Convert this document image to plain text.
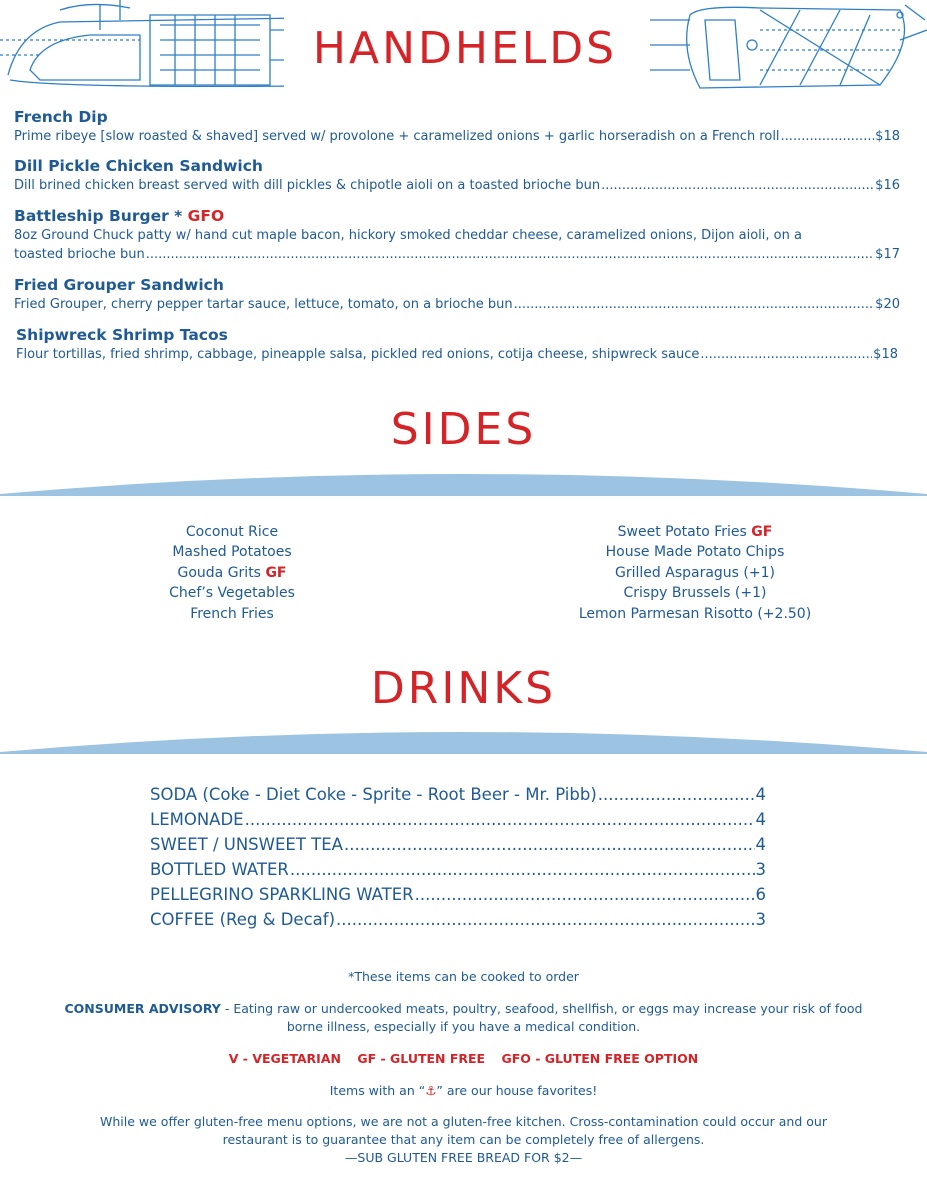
HANDHELDS
French Dip
Prime ribeye [slow roasted & shaved] served w/ provolone + caramelized onions + garlic horseradish on a French roll .....	$18
Dill Pickle Chicken Sandwich
Dill brined chicken breast served with dill pickles & chipotle aioli on a toasted brioche bun .....	$16
Battleship Burger * GFO
8oz Ground Chuck patty w/ hand cut maple bacon, hickory smoked cheddar cheese, caramelized onions, Dijon aioli, on a
toasted brioche bun .....	$17
Fried Grouper Sandwich
Fried Grouper, cherry pepper tartar sauce, lettuce, tomato, on a brioche bun .....	$20
Shipwreck Shrimp Tacos
Flour tortillas, fried shrimp, cabbage, pineapple salsa, pickled red onions, cotija cheese, shipwreck sauce .....	$18
SIDES
Coconut Rice
Mashed Potatoes
Gouda Grits GF
Chef’s Vegetables
French Fries
Sweet Potato Fries GF
House Made Potato Chips
Grilled Asparagus (+1)
Crispy Brussels (+1)
Lemon Parmesan Risotto (+2.50)
DRINKS
SODA (Coke - Diet Coke - Sprite - Root Beer - Mr. Pibb) .....	4
LEMONADE .....	4
SWEET / UNSWEET TEA .....	4
BOTTLED WATER .....	3
PELLEGRINO SPARKLING WATER .....	6
COFFEE (Reg & Decaf) .....	3
*These items can be cooked to order
CONSUMER ADVISORY - Eating raw or undercooked meats, poultry, seafood, shellfish, or eggs may increase your risk of food borne illness, especially if you have a medical condition.
V - VEGETARIAN GF - GLUTEN FREE GFO - GLUTEN FREE OPTION
Items with an “⚓” are our house favorites!
While we offer gluten-free menu options, we are not a gluten-free kitchen. Cross-contamination could occur and our
restaurant is to guarantee that any item can be completely free of allergens.
—SUB GLUTEN FREE BREAD FOR $2—
